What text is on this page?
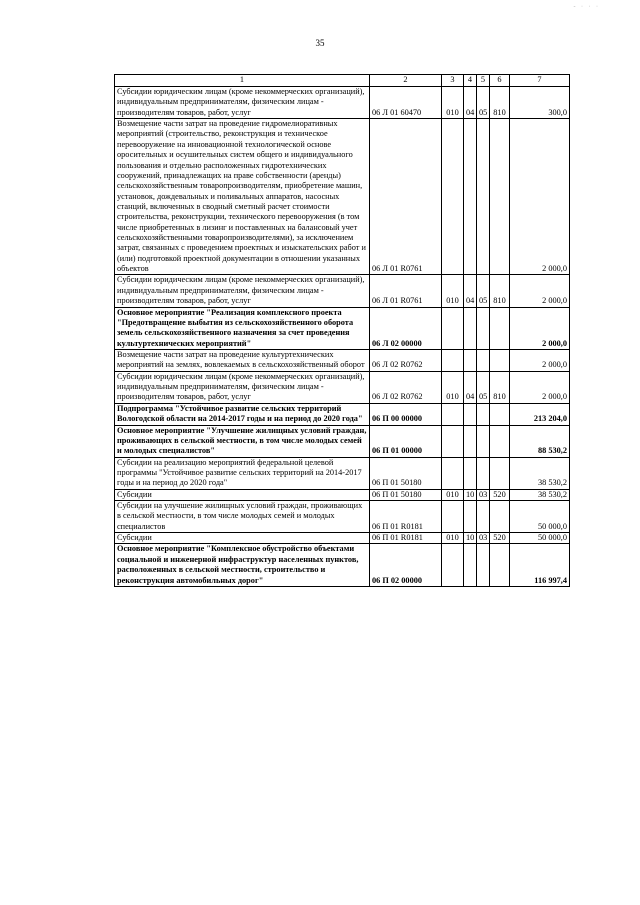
- · · ·
35
1	2	3	4	5	6	7
Субсидии юридическим лицам (кроме некоммерческих организаций), индивидуальным предпринимателям, физическим лицам - производителям товаров, работ, услуг	06 Л 01 60470	010	04	05	810	300,0
Возмещение части затрат на проведение гидромелиоративных мероприятий (строительство, реконструкция и техническое перевооружение на инновационной технологической основе оросительных и осушительных систем общего и индивидуального пользования и отдельно расположенных гидротехнических сооружений, принадлежащих на праве собственности (аренды) сельскохозяйственным товаропроизводителям, приобретение машин, установок, дождевальных и поливальных аппаратов, насосных станций, включенных в сводный сметный расчет стоимости строительства, реконструкции, технического перевооружения (в том числе приобретенных в лизинг и поставленных на балансовый учет сельскохозяйственными товаропроизводителями), за исключением затрат, связанных с проведением проектных и изыскательских работ и (или) подготовкой проектной документации в отношении указанных объектов	06 Л 01 R0761					2 000,0
Субсидии юридическим лицам (кроме некоммерческих организаций), индивидуальным предпринимателям, физическим лицам - производителям товаров, работ, услуг	06 Л 01 R0761	010	04	05	810	2 000,0
Основное мероприятие "Реализация комплексного проекта "Предотвращение выбытия из сельскохозяйственного оборота земель сельскохозяйственного назначения за счет проведения культуртехнических мероприятий"	06 Л 02 00000					2 000,0
Возмещение части затрат на проведение культуртехнических мероприятий на землях, вовлекаемых в сельскохозяйственный оборот	06 Л 02 R0762					2 000,0
Субсидии юридическим лицам (кроме некоммерческих организаций), индивидуальным предпринимателям, физическим лицам - производителям товаров, работ, услуг	06 Л 02 R0762	010	04	05	810	2 000,0
Подпрограмма "Устойчивое развитие сельских территорий Вологодской области на 2014-2017 годы и на период до 2020 года"	06 П 00 00000					213 204,0
Основное мероприятие "Улучшение жилищных условий граждан, проживающих в сельской местности, в том числе молодых семей и молодых специалистов"	06 П 01 00000					88 530,2
Субсидии на реализацию мероприятий федеральной целевой программы "Устойчивое развитие сельских территорий на 2014-2017 годы и на период до 2020 года"	06 П 01 50180					38 530,2
Субсидии	06 П 01 50180	010	10	03	520	38 530,2
Субсидии на улучшение жилищных условий граждан, проживающих в сельской местности, в том числе молодых семей и молодых специалистов	06 П 01 R0181					50 000,0
Субсидии	06 П 01 R0181	010	10	03	520	50 000,0
Основное мероприятие "Комплексное обустройство объектами социальной и инженерной инфраструктур населенных пунктов, расположенных в сельской местности, строительство и реконструкция автомобильных дорог"	06 П 02 00000					116 997,4
